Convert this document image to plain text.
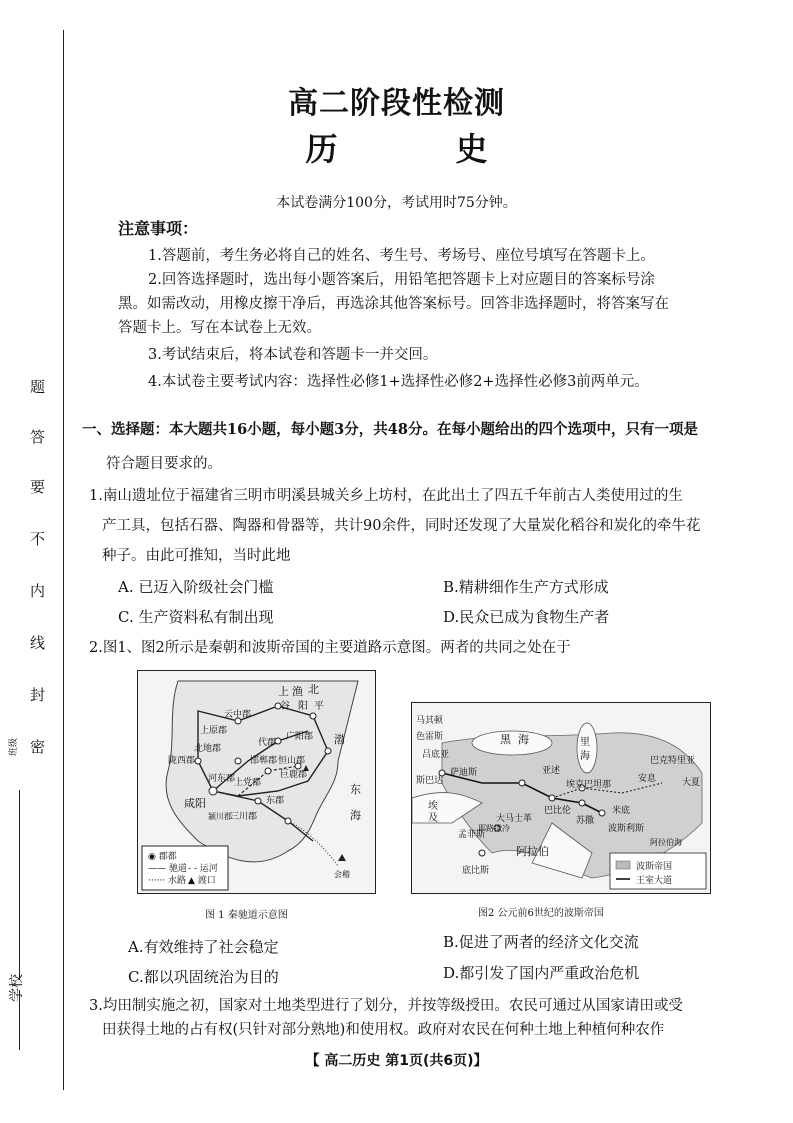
题
答
要
不
内
线
封
密
班级
学校
高二阶段性检测
历	史
本试卷满分100分，考试用时75分钟。
注意事项：
1.答题前，考生务必将自己的姓名、考生号、考场号、座位号填写在答题卡上。
2.回答选择题时，选出每小题答案后，用铅笔把答题卡上对应题目的答案标号涂
黑。如需改动，用橡皮擦干净后，再选涂其他答案标号。回答非选择题时，将答案写在
答题卡上。写在本试卷上无效。
3.考试结束后，将本试卷和答题卡一并交回。
4.本试卷主要考试内容：选择性必修1+选择性必修2+选择性必修3前两单元。
一、选择题：本大题共16小题，每小题3分，共48分。在每小题给出的四个选项中，只有一项是
符合题目要求的。
1.南山遗址位于福建省三明市明溪县城关乡上坊村，在此出土了四五千年前古人类使用过的生
产工具，包括石器、陶器和骨器等，共计90余件，同时还发现了大量炭化稻谷和炭化的牵牛花
种子。由此可推知，当时此地
A. 已迈入阶级社会门槛	B.精耕细作生产方式形成
C. 生产资料私有制出现	D.民众已成为食物生产者
2.图1、图2所示是秦朝和波斯帝国的主要道路示意图。两者的共同之处在于
上 渔 北
谷 阳 平
云中郡
上原郡
代郡
广阳郡
邯郸郡 恒山郡
巨鹿郡
陇西郡
北地郡
河东郡
上党郡
东郡
咸阳
三川郡
颍川郡
会稽
东
海
渤
◉ 郡都
—— 驰道 - - 运河
······ 水路 ▲ 渡口
图 1 秦驰道示意图
黑 海	里
海
马其顿
色雷斯
吕底亚
萨迪斯
斯巴达
大马士革
耶路撒冷
巴比伦
苏撒
埃克巴坦那
孟菲斯
底比斯
阿拉伯
巴克特里亚
安息	大夏
波斯利斯
亚述
米底
阿拉伯海
埃
及
波斯帝国
王室大道
图2 公元前6世纪的波斯帝国
A.有效维持了社会稳定	B.促进了两者的经济文化交流
C.都以巩固统治为目的	D.都引发了国内严重政治危机
3.均田制实施之初，国家对土地类型进行了划分，并按等级授田。农民可通过从国家请田或受
田获得土地的占有权(只针对部分熟地)和使用权。政府对农民在何种土地上种植何种农作
【 高二历史 第1页(共6页)】
